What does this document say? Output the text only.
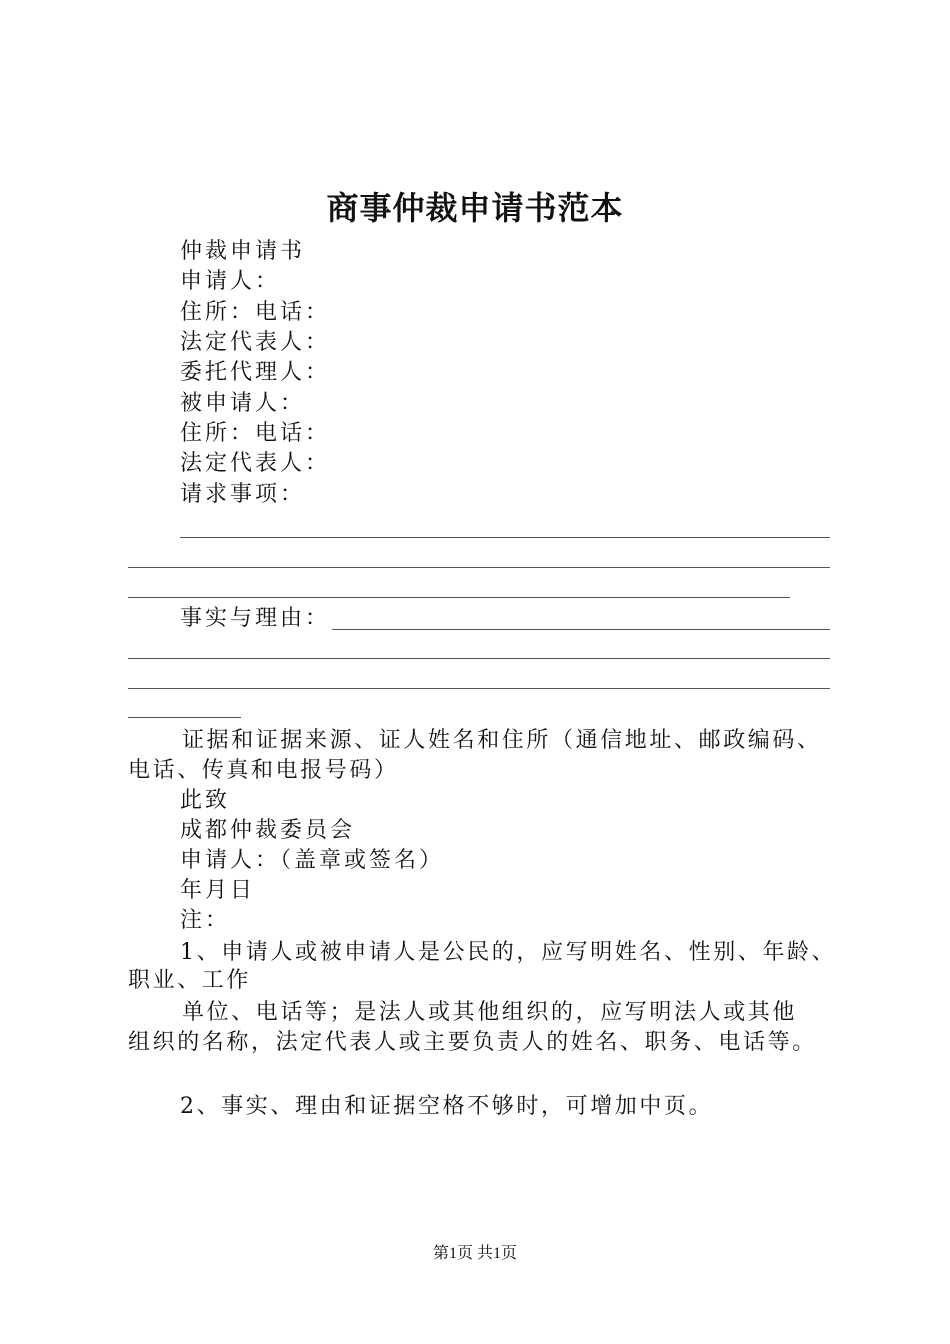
商事仲裁申请书范本
仲裁申请书
申请人：
住所：电话：
法定代表人：
委托代理人：
被申请人：
住所：电话：
法定代表人：
请求事项：
事实与理由：
证据和证据来源、证人姓名和住所（通信地址、邮政编码、
电话、传真和电报号码）
此致
成都仲裁委员会
申请人：（盖章或签名）
年月日
注：
1、申请人或被申请人是公民的，应写明姓名、性别、年龄、
职业、工作
单位、电话等；是法人或其他组织的，应写明法人或其他
组织的名称，法定代表人或主要负责人的姓名、职务、电话等。
2、事实、理由和证据空格不够时，可增加中页。
第1页 共1页
